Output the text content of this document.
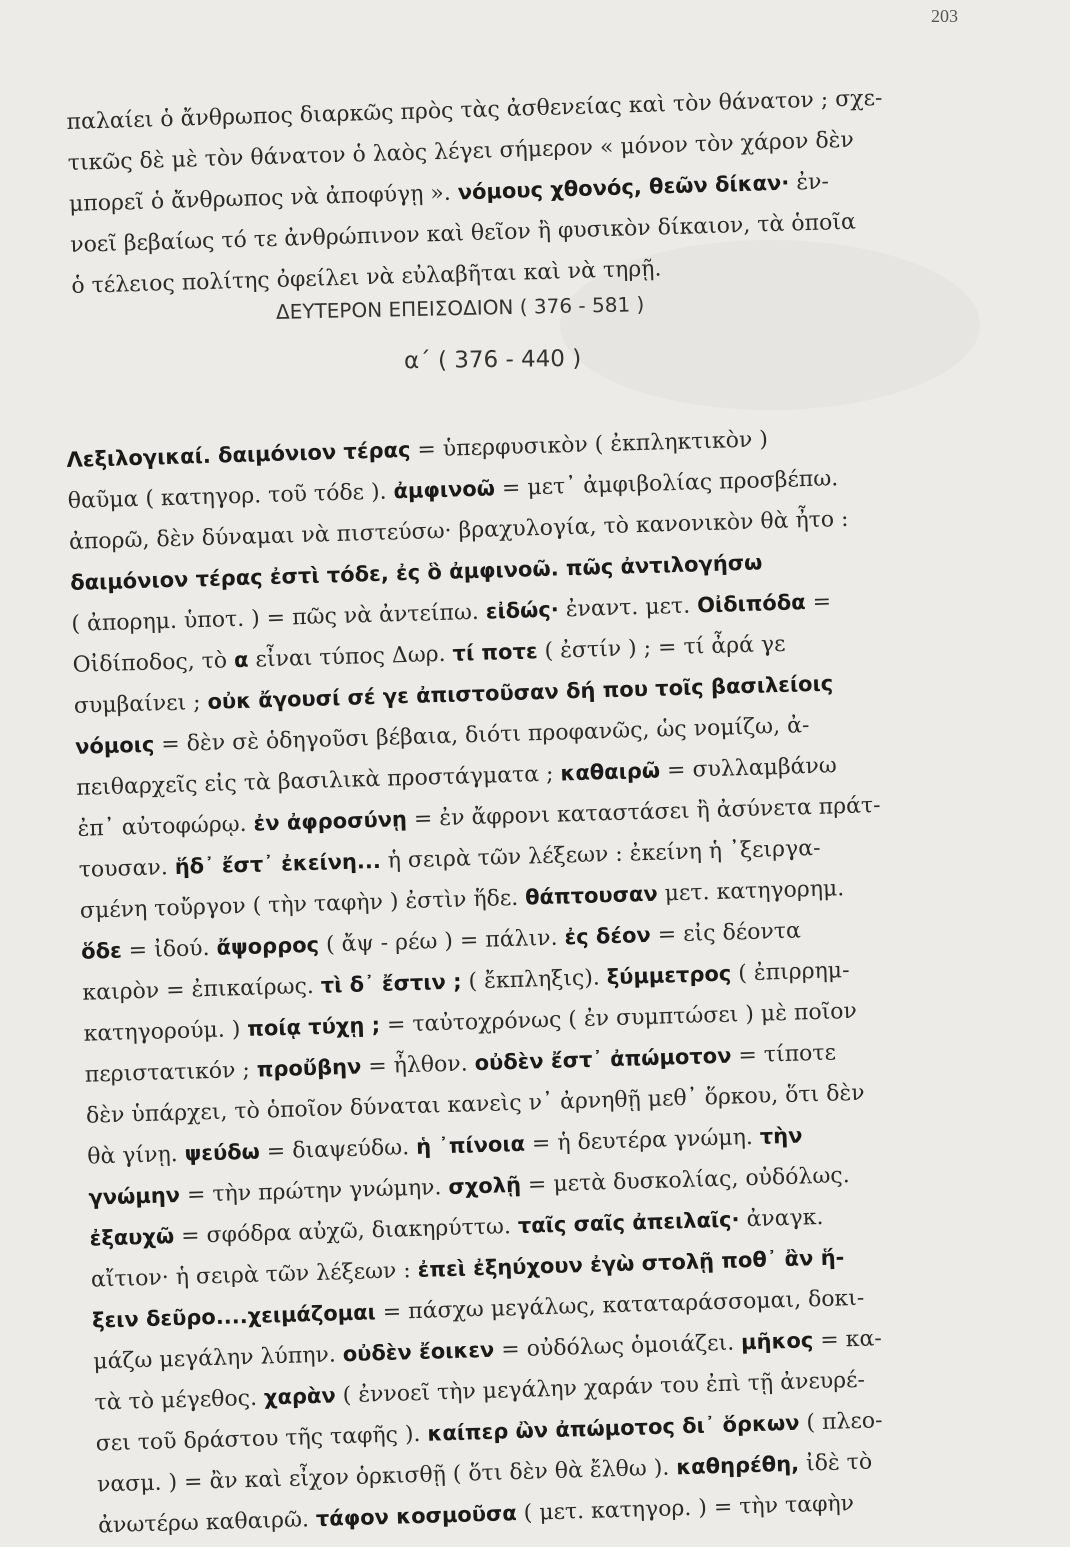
203
παλαίει ὁ ἄνθρωπος διαρκῶς πρὸς τὰς ἀσθενείας καὶ τὸν θάνατον ; σχε-
τικῶς δὲ μὲ τὸν θάνατον ὁ λαὸς λέγει σήμερον « μόνον τὸν χάρον δὲν
μπορεῖ ὁ ἄνθρωπος νὰ ἀποφύγῃ ». νόμους χθονός, θεῶν δίκαν· ἐν-
νοεῖ βεβαίως τό τε ἀνθρώπινον καὶ θεῖον ἢ φυσικὸν δίκαιον, τὰ ὁποῖα
ὁ τέλειος πολίτης ὀφείλει νὰ εὐλαβῆται καὶ νὰ τηρῇ.
ΔΕΥΤΕΡΟΝ ΕΠΕΙΣΟΔΙΟΝ ( 376 - 581 )
α΄ ( 376 - 440 )
Λεξιλογικαί. δαιμόνιον τέρας = ὑπερφυσικὸν ( ἐκπληκτικὸν )
θαῦμα ( κατηγορ. τοῦ τόδε ). ἀμφινοῶ = μετ᾽ ἀμφιβολίας προσβέπω.
ἀπορῶ, δὲν δύναμαι νὰ πιστεύσω· βραχυλογία, τὸ κανονικὸν θὰ ἦτο :
δαιμόνιον τέρας ἐστὶ τόδε, ἐς ὃ ἀμφινοῶ. πῶς ἀντιλογήσω
( ἀπορημ. ὑποτ. ) = πῶς νὰ ἀντείπω. εἰδώς· ἐναντ. μετ. Οἰδιπόδα =
Οἰδίποδος, τὸ α εἶναι τύπος Δωρ. τί ποτε ( ἐστίν ) ; = τί ἆρά γε
συμβαίνει ; οὐκ ἄγουσί σέ γε ἀπιστοῦσαν δή που τοῖς βασιλείοις
νόμοις = δὲν σὲ ὁδηγοῦσι βέβαια, διότι προφανῶς, ὡς νομίζω, ἀ-
πειθαρχεῖς εἰς τὰ βασιλικὰ προστάγματα ; καθαιρῶ = συλλαμβάνω
ἐπ᾽ αὐτοφώρῳ. ἐν ἀφροσύνῃ = ἐν ἄφρονι καταστάσει ἢ ἀσύνετα πράτ-
τουσαν. ἥδ᾽ ἔστ᾽ ἐκείνη... ἡ σειρὰ τῶν λέξεων : ἐκείνη ἡ ᾽ξειργα-
σμένη τοὔργον ( τὴν ταφὴν ) ἐστὶν ἥδε. θάπτουσαν μετ. κατηγορημ.
ὅδε = ἰδού. ἄψορρος ( ἄψ - ρέω ) = πάλιν. ἐς δέον = εἰς δέοντα
καιρὸν = ἐπικαίρως. τὶ δ᾽ ἔστιν ; ( ἔκπληξις). ξύμμετρος ( ἐπιρρημ-
κατηγορούμ. ) ποίᾳ τύχῃ ; = ταὐτοχρόνως ( ἐν συμπτώσει ) μὲ ποῖον
περιστατικόν ; προὔβην = ἦλθον. οὐδὲν ἔστ᾽ ἀπώμοτον = τίποτε
δὲν ὑπάρχει, τὸ ὁποῖον δύναται κανεὶς ν᾽ ἀρνηθῇ μεθ᾽ ὅρκου, ὅτι δὲν
θὰ γίνῃ. ψεύδω = διαψεύδω. ἡ ᾽πίνοια = ἡ δευτέρα γνώμη. τὴν
γνώμην = τὴν πρώτην γνώμην. σχολῇ = μετὰ δυσκολίας, οὐδόλως.
ἐξαυχῶ = σφόδρα αὐχῶ, διακηρύττω. ταῖς σαῖς ἀπειλαῖς· ἀναγκ.
αἴτιον· ἡ σειρὰ τῶν λέξεων : ἐπεὶ ἐξηύχουν ἐγὼ στολῇ ποθ᾽ ἂν ἥ-
ξειν δεῦρο....χειμάζομαι = πάσχω μεγάλως, καταταράσσομαι, δοκι-
μάζω μεγάλην λύπην. οὐδὲν ἔοικεν = οὐδόλως ὁμοιάζει. μῆκος = κα-
τὰ τὸ μέγεθος. χαρὰν ( ἐννοεῖ τὴν μεγάλην χαράν του ἐπὶ τῇ ἀνευρέ-
σει τοῦ δράστου τῆς ταφῆς ). καίπερ ὢν ἀπώμοτος δι᾽ ὅρκων ( πλεο-
νασμ. ) = ἂν καὶ εἶχον ὁρκισθῇ ( ὅτι δὲν θὰ ἔλθω ). καθηρέθη, ἰδὲ τὸ
ἀνωτέρω καθαιρῶ. τάφον κοσμοῦσα ( μετ. κατηγορ. ) = τὴν ταφὴν
